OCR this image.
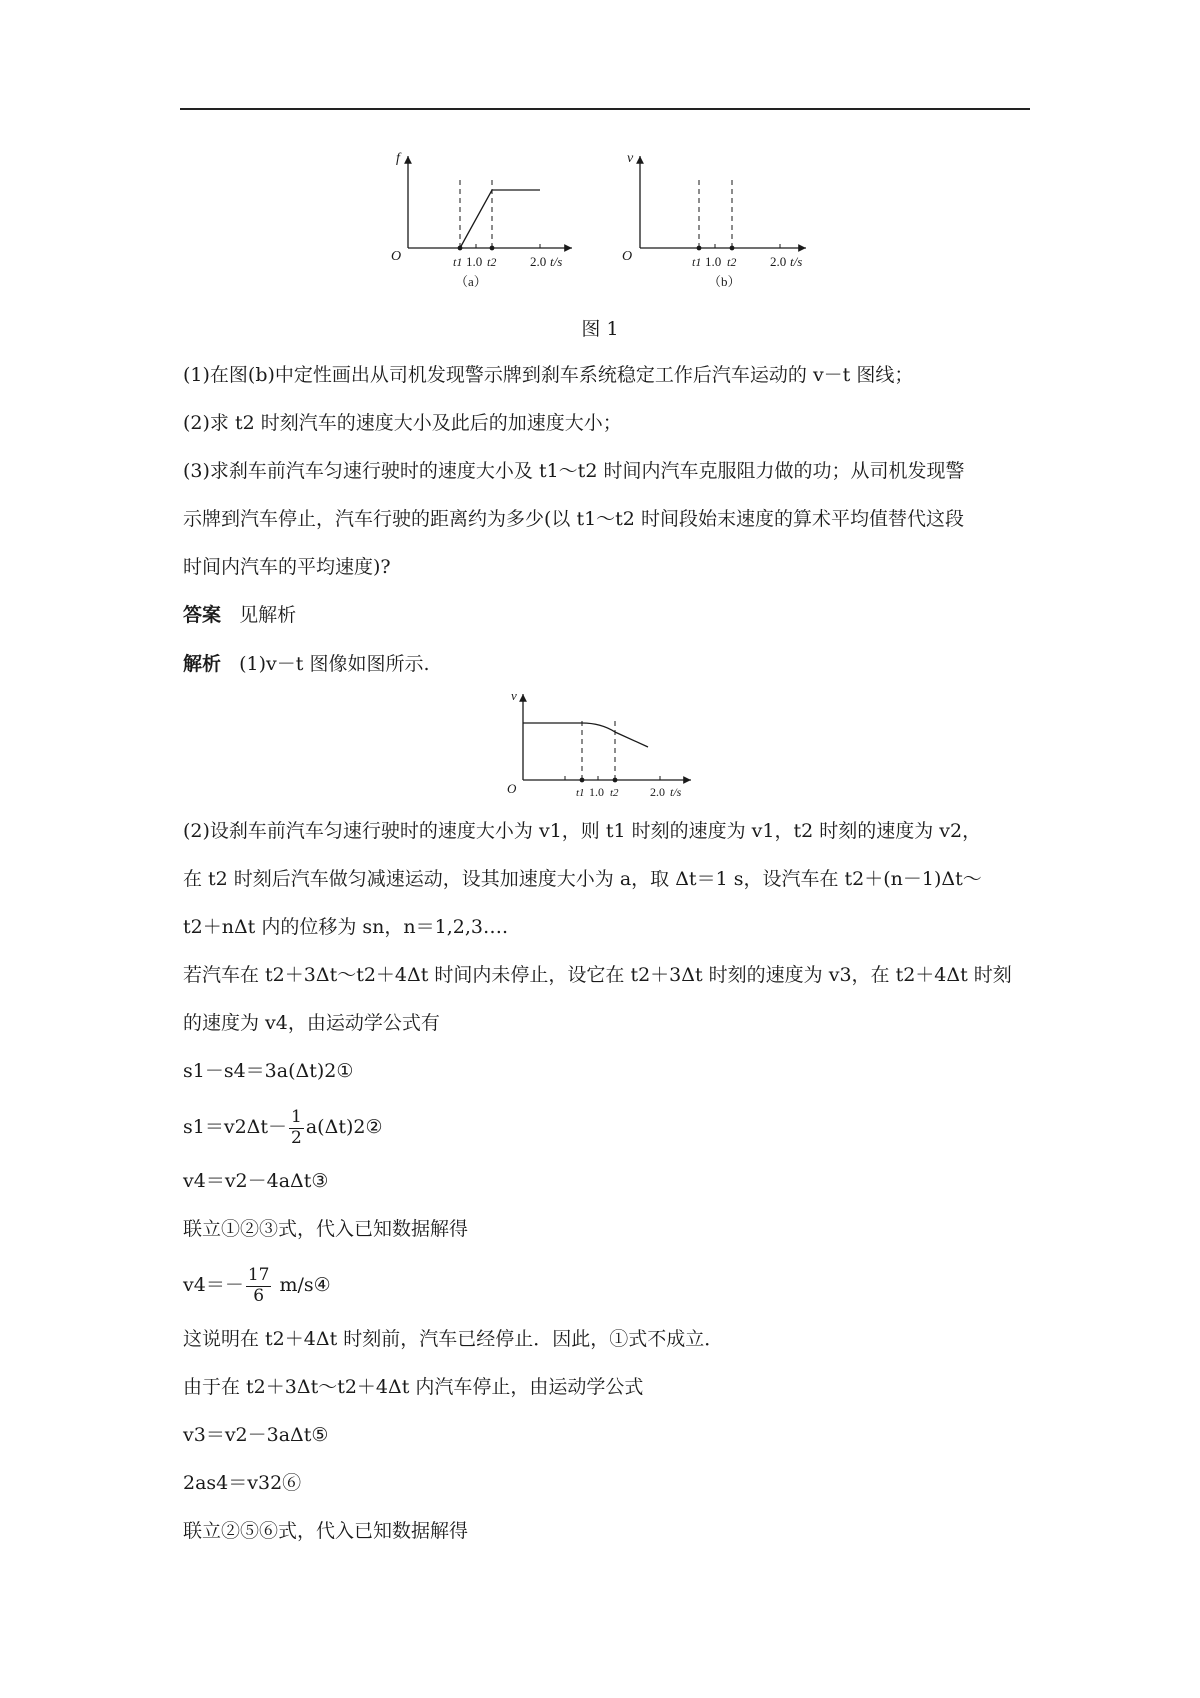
f
O	t1 1.0 t2	2.0 t/s
（a）
v
O	t1 1.0 t2	2.0 t/s
（b）
图 1
(1)在图(b)中定性画出从司机发现警示牌到刹车系统稳定工作后汽车运动的 v－t 图线；
(2)求 t2 时刻汽车的速度大小及此后的加速度大小；
(3)求刹车前汽车匀速行驶时的速度大小及 t1～t2 时间内汽车克服阻力做的功；从司机发现警
示牌到汽车停止，汽车行驶的距离约为多少(以 t1～t2 时间段始末速度的算术平均值替代这段
时间内汽车的平均速度)?
答案 见解析
解析 (1)v－t 图像如图所示.
v
O	t1 1.0 t2	2.0 t/s
(2)设刹车前汽车匀速行驶时的速度大小为 v1，则 t1 时刻的速度为 v1，t2 时刻的速度为 v2，
在 t2 时刻后汽车做匀减速运动，设其加速度大小为 a，取 Δt＝1 s，设汽车在 t2＋(n－1)Δt～
t2＋nΔt 内的位移为 sn，n＝1,2,3….
若汽车在 t2＋3Δt～t2＋4Δt 时间内未停止，设它在 t2＋3Δt 时刻的速度为 v3，在 t2＋4Δt 时刻
的速度为 v4，由运动学公式有
s1－s4＝3a(Δt)2①
$s1=v2\Delta t- \frac{1}{2}$ a(Δt)2②
v4＝v2－4aΔt③
联立①②③式，代入已知数据解得
$v4=- \frac{17}{6}$ m/s④
这说明在 t2＋4Δt 时刻前，汽车已经停止．因此，①式不成立．
由于在 t2＋3Δt～t2＋4Δt 内汽车停止，由运动学公式
v3＝v2－3aΔt⑤
2as4＝v32⑥
联立②⑤⑥式，代入已知数据解得
